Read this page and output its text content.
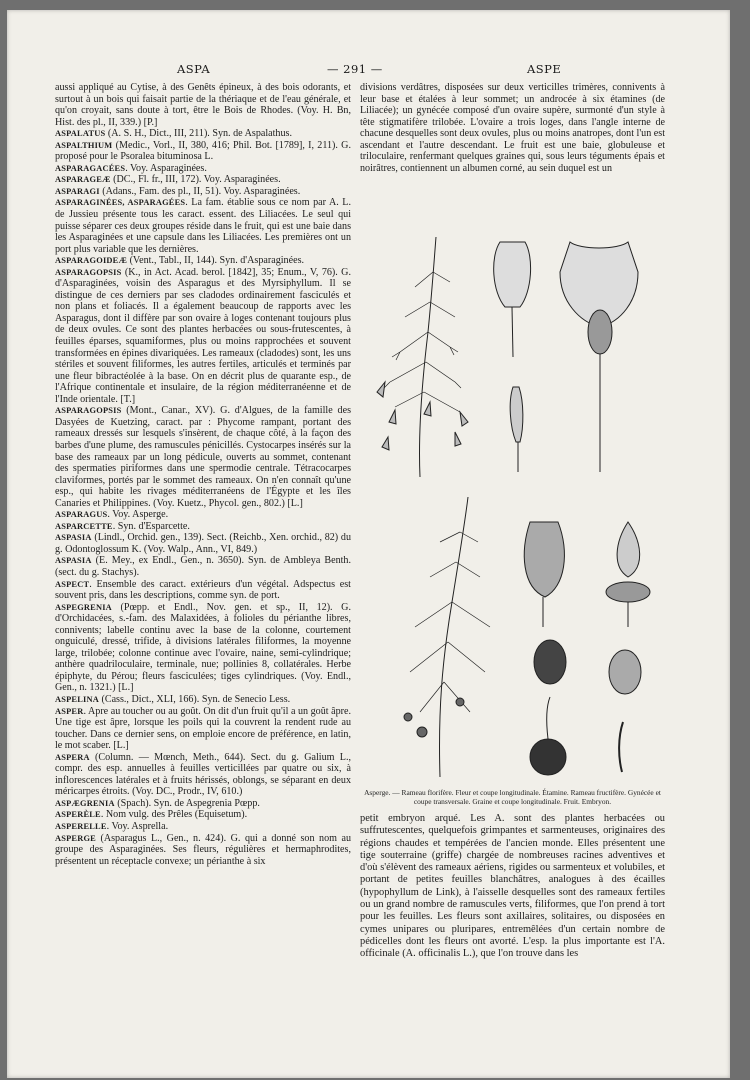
ASPA	— 291 —	ASPE

aussi appliqué au Cytise, à des Genêts épineux, à des bois odorants, et surtout à un bois qui faisait partie de la thériaque et de l'eau générale, et qu'on croyait, sans doute à tort, être le Bois de Rhodes. (Voy. H. Bn, Hist. des pl., II, 339.) [P.]

ASPALATUS (A. S. H., Dict., III, 211). Syn. de Aspalathus.

ASPALTHIUM (Medic., Vorl., II, 380, 416; Phil. Bot. [1789], I, 211). G. proposé pour le Psoralea bituminosa L.

ASPARAGACÉES. Voy. Asparaginées.

ASPARAGEÆ (DC., Fl. fr., III, 172). Voy. Asparaginées.

ASPARAGI (Adans., Fam. des pl., II, 51). Voy. Asparaginées.

ASPARAGINÉES, ASPARAGÉES. La fam. établie sous ce nom par A. L. de Jussieu présente tous les caract. essent. des Liliacées. Le seul qui puisse séparer ces deux groupes réside dans le fruit, qui est une baie dans les Asparaginées et une capsule dans les Liliacées. Les premières ont un port plus variable que les dernières.

ASPARAGOIDEÆ (Vent., Tabl., II, 144). Syn. d'Asparaginées.

ASPARAGOPSIS (K., in Act. Acad. berol. [1842], 35; Enum., V, 76). G. d'Asparaginées, voisin des Asparagus et des Myrsiphyllum. Il se distingue de ces derniers par ses cladodes ordinairement fasciculés et non plans et foliacés. Il a également beaucoup de rapports avec les Asparagus, dont il diffère par son ovaire à loges contenant toujours plus de deux ovules. Ce sont des plantes herbacées ou sous-frutescentes, à feuilles éparses, squamiformes, plus ou moins rapprochées et souvent transformées en épines divariquées. Les rameaux (cladodes) sont, les uns stériles et souvent filiformes, les autres fertiles, articulés et terminés par une fleur bibractéolée à la base. On en décrit plus de quarante esp., de l'Afrique continentale et insulaire, de la région méditerranéenne et de l'Inde orientale. [T.]

ASPARAGOPSIS (Mont., Canar., XV). G. d'Algues, de la famille des Dasyées de Kuetzing, caract. par : Phycome rampant, portant des rameaux dressés sur lesquels s'insèrent, de chaque côté, à la façon des barbes d'une plume, des ramuscules pénicillés. Cystocarpes insérés sur la base des rameaux par un long pédicule, ouverts au sommet, contenant des spermaties piriformes dans une spermodie centrale. Tétracocarpes claviformes, portés par le sommet des rameaux. On n'en connaît qu'une esp., qui habite les rivages méditerranéens de l'Égypte et les îles Canaries et Philippines. (Voy. Kuetz., Phycol. gen., 802.) [L.]

ASPARAGUS. Voy. Asperge.

ASPARCETTE. Syn. d'Esparcette.

ASPASIA (Lindl., Orchid. gen., 139). Sect. (Reichb., Xen. orchid., 82) du g. Odontoglossum K. (Voy. Walp., Ann., VI, 849.)

ASPASIA (E. Mey., ex Endl., Gen., n. 3650). Syn. de Ambleya Benth. (sect. du g. Stachys).

ASPECT. Ensemble des caract. extérieurs d'un végétal. Adspectus est souvent pris, dans les descriptions, comme syn. de port.

ASPEGRENIA (Pœpp. et Endl., Nov. gen. et sp., II, 12). G. d'Orchidacées, s.-fam. des Malaxidées, à folioles du périanthe libres, connivents; labelle continu avec la base de la colonne, courtement onguiculé, dressé, trifide, à divisions latérales filiformes, la moyenne large, trilobée; colonne continue avec l'ovaire, naine, semi-cylindrique; anthère quadriloculaire, terminale, nue; pollinies 8, collatérales. Herbe épiphyte, du Pérou; fleurs fasciculées; tiges cylindriques. (Voy. Endl., Gen., n. 1321.) [L.]

ASPELINA (Cass., Dict., XLI, 166). Syn. de Senecio Less.

ASPER. Apre au toucher ou au goût. On dit d'un fruit qu'il a un goût âpre. Une tige est âpre, lorsque les poils qui la couvrent la rendent rude au toucher. Dans ce dernier sens, on emploie encore de préférence, en latin, le mot scaber. [L.]

ASPERA (Column. — Mœnch, Meth., 644). Sect. du g. Galium L., compr. des esp. annuelles à feuilles verticillées par quatre ou six, à inflorescences latérales et à fruits hérissés, oblongs, se séparant en deux méricarpes étroits. (Voy. DC., Prodr., IV, 610.)

ASPÆGRENIA (Spach). Syn. de Aspegrenia Pœpp.

ASPERÈLE. Nom vulg. des Prêles (Equisetum).

ASPERELLE. Voy. Asprella.

ASPERGE (Asparagus L., Gen., n. 424). G. qui a donné son nom au groupe des Asparaginées. Ses fleurs, régulières et hermaphrodites, présentent un réceptacle convexe; un périanthe à six

divisions verdâtres, disposées sur deux verticilles trimères, connivents à leur base et étalées à leur sommet; un androcée à six étamines (de Liliacée); un gynécée composé d'un ovaire supère, surmonté d'un style à tête stigmatifère trilobée. L'ovaire a trois loges, dans l'angle interne de chacune desquelles sont deux ovules, plus ou moins anatropes, dont l'un est ascendant et l'autre descendant. Le fruit est une baie, globuleuse et triloculaire, renfermant quelques graines qui, sous leurs téguments épais et noirâtres, contiennent un albumen corné, au sein duquel est un

Asperge. — Rameau florifère. Fleur et coupe longitudinale. Étamine. Rameau fructifère. Gynécée et coupe transversale. Graine et coupe longitudinale. Fruit. Embryon.

petit embryon arqué. Les A. sont des plantes herbacées ou suffrutescentes, quelquefois grimpantes et sarmenteuses, originaires des régions chaudes et tempérées de l'ancien monde. Elles présentent une tige souterraine (griffe) chargée de nombreuses racines adventives et d'où s'élèvent des rameaux aériens, rigides ou sarmenteux et volubiles, et portant de petites feuilles blanchâtres, analogues à des écailles (hypophyllum de Link), à l'aisselle desquelles sont des rameaux fertiles ou un grand nombre de ramuscules verts, filiformes, que l'on prend à tort pour les feuilles. Les fleurs sont axillaires, solitaires, ou disposées en cymes unipares ou pluripares, entremêlées d'un certain nombre de pédicelles dont les fleurs ont avorté. L'esp. la plus importante est l'A. officinale (A. officinalis L.), que l'on trouve dans les
